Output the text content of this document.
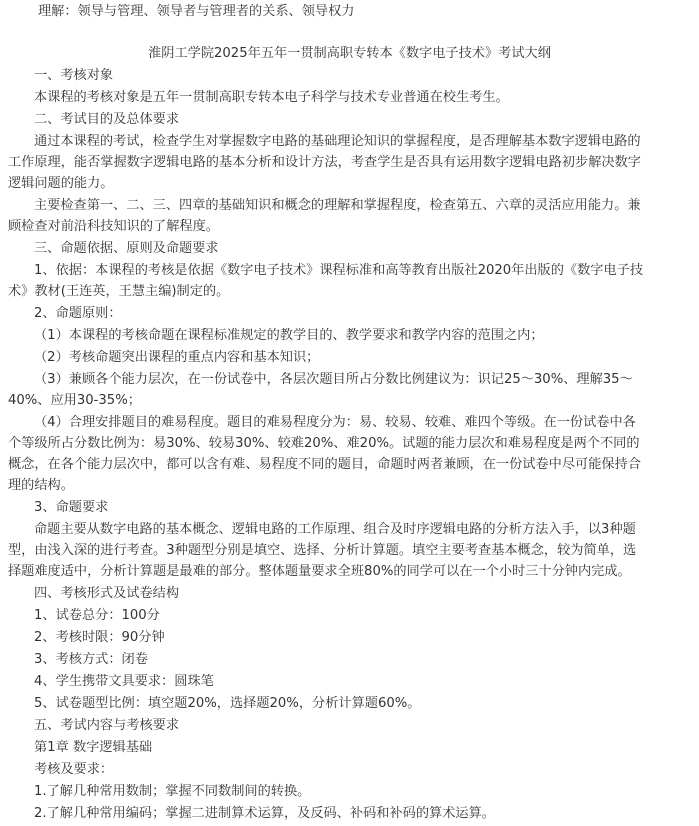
理解：领导与管理、领导者与管理者的关系、领导权力
淮阴工学院2025年五年一贯制高职专转本《数字电子技术》考试大纲
一、考核对象
本课程的考核对象是五年一贯制高职专转本电子科学与技术专业普通在校生考生。
二、考试目的及总体要求
通过本课程的考试，检查学生对掌握数字电路的基础理论知识的掌握程度，是否理解基本数字逻辑电路的
工作原理，能否掌握数字逻辑电路的基本分析和设计方法，考查学生是否具有运用数字逻辑电路初步解决数字
逻辑问题的能力。
主要检查第一、二、三、四章的基础知识和概念的理解和掌握程度，检查第五、六章的灵活应用能力。兼
顾检查对前沿科技知识的了解程度。
三、命题依据、原则及命题要求
1、依据：本课程的考核是依据《数字电子技术》课程标准和高等教育出版社2020年出版的《数字电子技
术》教材(王连英，王慧主编)制定的。
2、命题原则：
（1）本课程的考核命题在课程标准规定的教学目的、教学要求和教学内容的范围之内；
（2）考核命题突出课程的重点内容和基本知识；
（3）兼顾各个能力层次，在一份试卷中，各层次题目所占分数比例建议为：识记25～30%、理解35～
40%、应用30-35%；
（4）合理安排题目的难易程度。题目的难易程度分为：易、较易、较难、难四个等级。在一份试卷中各
个等级所占分数比例为：易30%、较易30%、较难20%、难20%。试题的能力层次和难易程度是两个不同的
概念，在各个能力层次中，都可以含有难、易程度不同的题目，命题时两者兼顾，在一份试卷中尽可能保持合
理的结构。
3、命题要求
命题主要从数字电路的基本概念、逻辑电路的工作原理、组合及时序逻辑电路的分析方法入手，以3种题
型，由浅入深的进行考查。3种题型分别是填空、选择、分析计算题。填空主要考查基本概念，较为简单，选
择题难度适中，分析计算题是最难的部分。整体题量要求全班80%的同学可以在一个小时三十分钟内完成。
四、考核形式及试卷结构
1、试卷总分：100分
2、考核时限：90分钟
3、考核方式：闭卷
4、学生携带文具要求：圆珠笔
5、试卷题型比例：填空题20%，选择题20%，分析计算题60%。
五、考试内容与考核要求
第1章 数字逻辑基础
考核及要求：
1.了解几种常用数制；掌握不同数制间的转换。
2.了解几种常用编码；掌握二进制算术运算，及反码、补码和补码的算术运算。
